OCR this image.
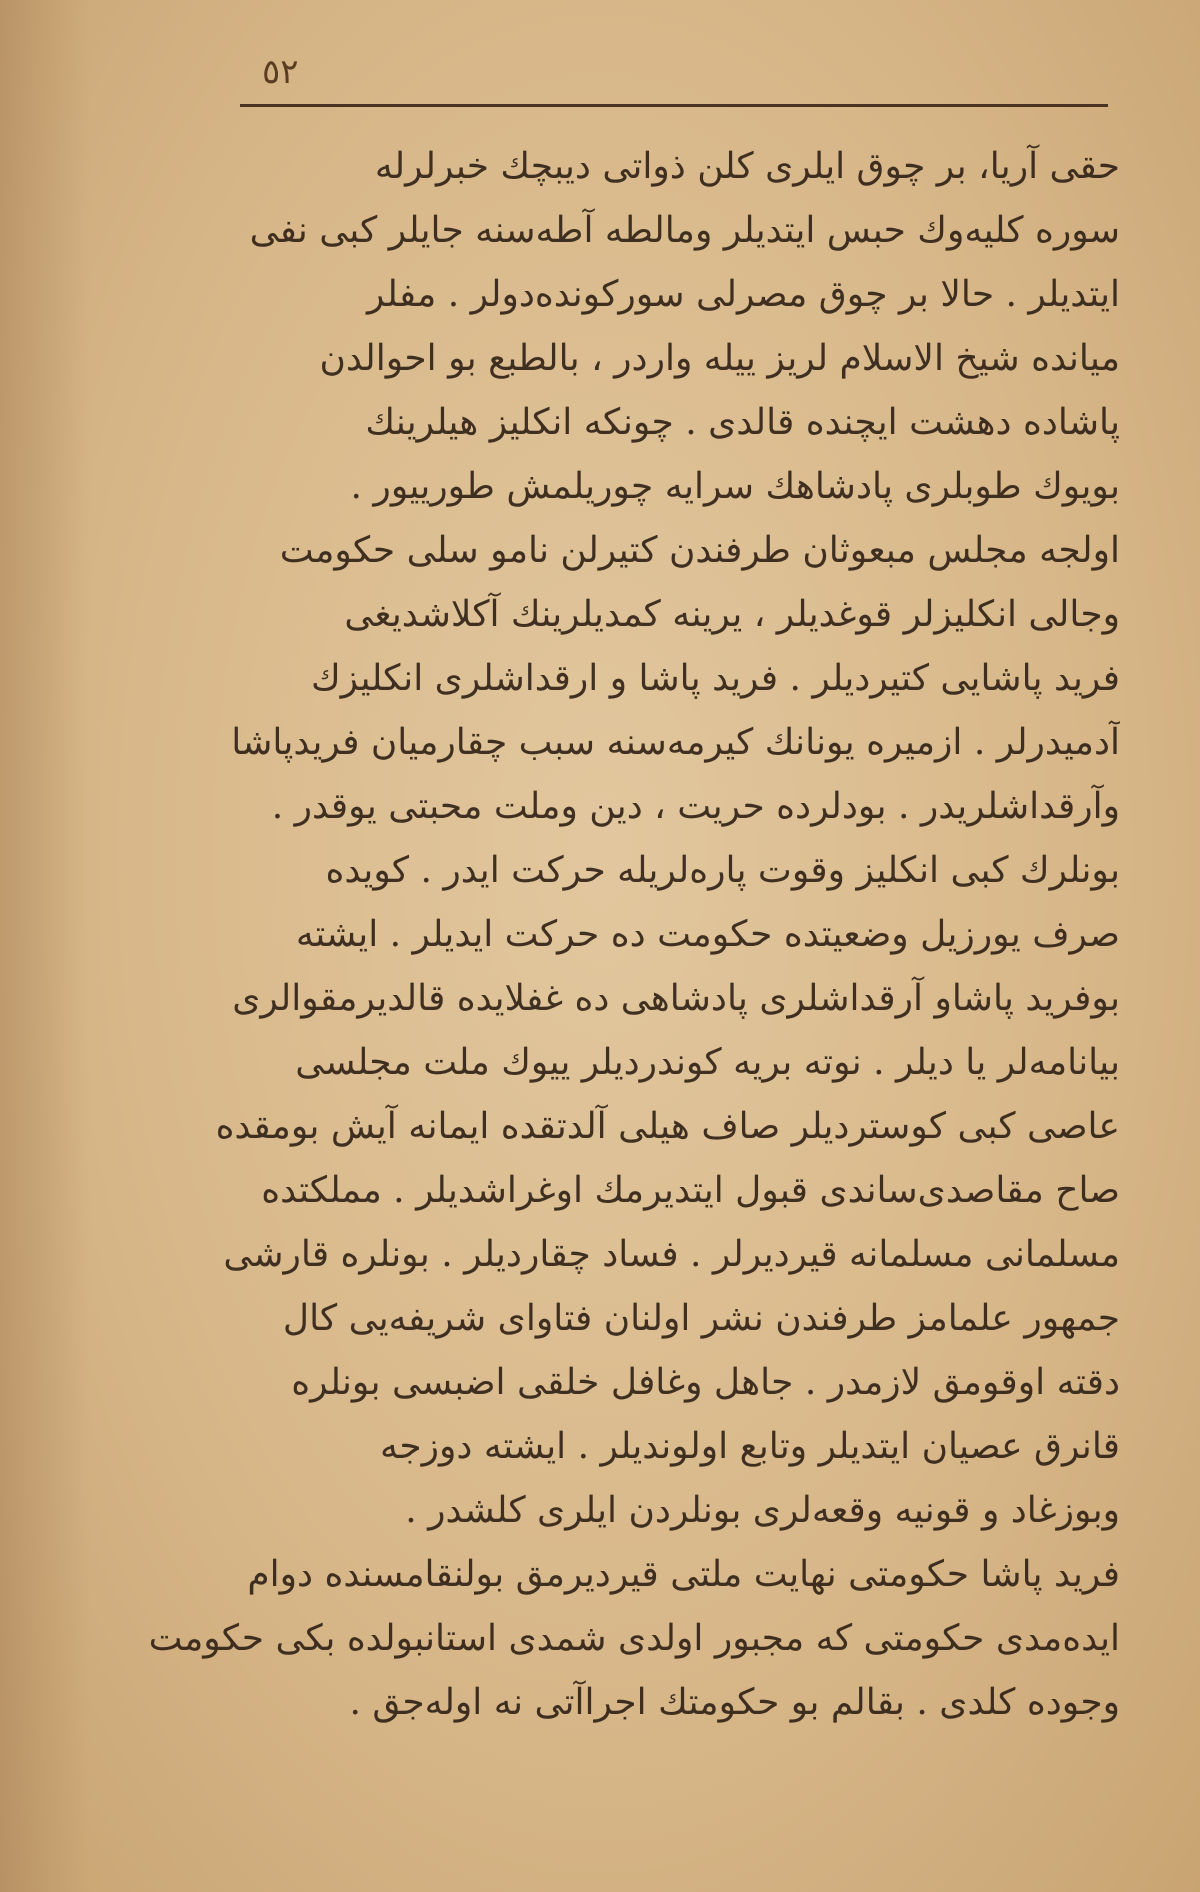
٥٢
حقی آریا، بر چوق ایلری کلن ذواتی دیبچك خبرلرله
سوره کلیه‌وك حبس ایتدیلر ومالطه آطه‌سنه جایلر کبی نفی
ایتدیلر . حالا بر چوق مصرلی سورکونده‌دولر . مفلر
میانده شیخ الاسلام لریز ییله واردر ، بالطبع بو احوالدن
پاشاده دهشت ایچنده قالدی . چونکه انکلیز هیلرینك
بویوك طوبلری پادشاهك سرایه چوریلمش طورییور .
اولجه مجلس مبعوثان طرفندن کتیرلن نامو سلی حکومت
وجالی انکلیزلر قوغدیلر ، یرینه کمدیلرینك آکلاشدیغی
فرید پاشایی کتیردیلر . فرید پاشا و ارقداشلری انکلیزك
آدمیدرلر . ازمیره یونانك کیرمه‌سنه سبب چقارمیان فریدپاشا
وآرقداشلریدر . بودلرده حریت ، دین وملت محبتی یوقدر .
بونلرك کبی انکلیز وقوت پاره‌لریله حرکت ایدر . کویده
صرف یورزیل وضعیتده حکومت ده حرکت ایدیلر . ایشته
بوفرید پاشاو آرقداشلری پادشاهی ده غفلایده قالدیرمقوالری
بیانامه‌لر یا دیلر . نوته بریه کوندردیلر ییوك ملت مجلسی
عاصی کبی کوستردیلر صاف هیلی آلدتقده ایمانه آیش بومقده
صاح مقاصدی‌ساندی قبول ایتدیرمك اوغراشدیلر . مملکتده
مسلمانی مسلمانه قیردیرلر . فساد چقاردیلر . بونلره قارشی
جمهور علمامز طرفندن نشر اولنان فتاوای شریفه‌یی کال
دقته اوقومق لازمدر . جاهل وغافل خلقی اضبسی بونلره
قانرق عصیان ایتدیلر وتابع اولوندیلر . ایشته دوزجه
وبوزغاد و قونیه وقعه‌لری بونلردن ایلری کلشدر .
فرید پاشا حکومتی نهایت ملتی قیردیرمق بولنقامسنده دوام
ایده‌مدی حکومتی که مجبور اولدی شمدی استانبولده بکی حکومت
وجوده کلدی . بقالم بو حکومتك اجراآتی نه اوله‌جق .
